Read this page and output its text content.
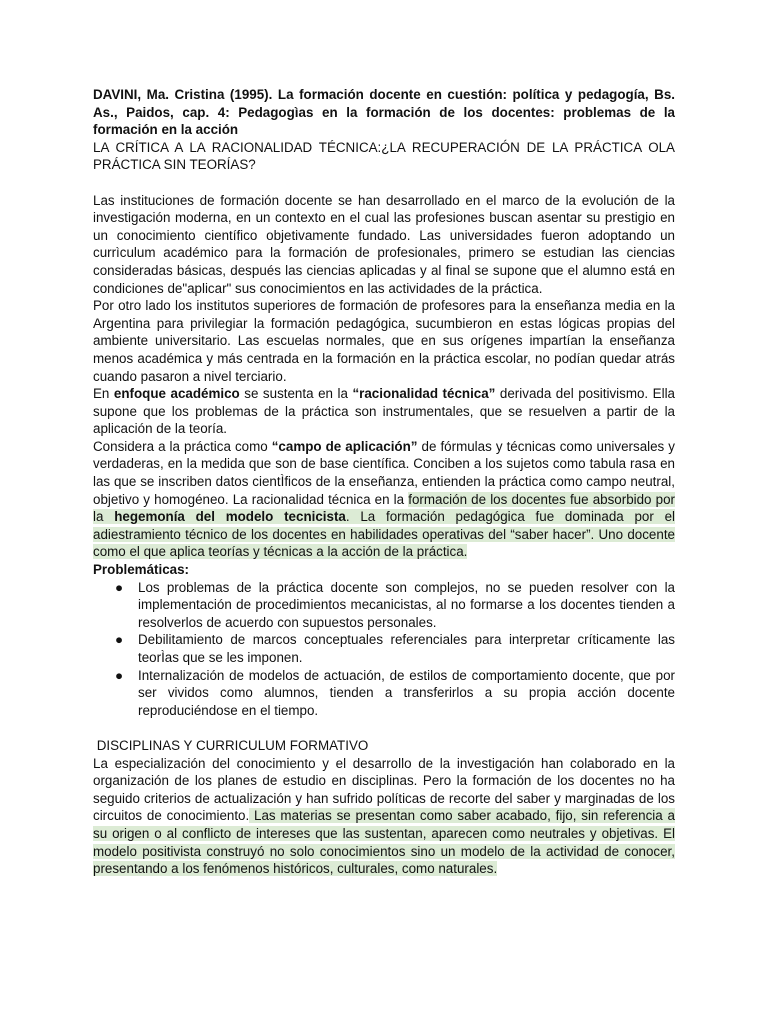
DAVINI, Ma. Cristina (1995). La formación docente en cuestión: política y pedagogía, Bs. As., Paidos, cap. 4: Pedagogìas en la formación de los docentes: problemas de la formación en la acción

LA CRÍTICA A LA RACIONALIDAD TÉCNICA:¿LA RECUPERACIÓN DE LA PRÁCTICA OLA PRÁCTICA SIN TEORÍAS?

Las instituciones de formación docente se han desarrollado en el marco de la evolución de la investigación moderna, en un contexto en el cual las profesiones buscan asentar su prestigio en un conocimiento científico objetivamente fundado. Las universidades fueron adoptando un currìculum académico para la formación de profesionales, primero se estudian las ciencias consideradas básicas, después las ciencias aplicadas y al final se supone que el alumno está en condiciones de"aplicar" sus conocimientos en las actividades de la práctica.

Por otro lado los institutos superiores de formación de profesores para la enseñanza media en la Argentina para privilegiar la formación pedagógica, sucumbieron en estas lógicas propias del ambiente universitario. Las escuelas normales, que en sus orígenes impartían la enseñanza menos académica y más centrada en la formación en la práctica escolar, no podían quedar atrás cuando pasaron a nivel terciario.

En enfoque académico se sustenta en la “racionalidad técnica” derivada del positivismo. Ella supone que los problemas de la práctica son instrumentales, que se resuelven a partir de la aplicación de la teoría.

Considera a la práctica como “campo de aplicación” de fórmulas y técnicas como universales y verdaderas, en la medida que son de base científica. Conciben a los sujetos como tabula rasa en las que se inscriben datos cientÌficos de la enseñanza, entienden la práctica como campo neutral, objetivo y homogéneo. La racionalidad técnica en la formación de los docentes fue absorbido por la hegemonía del modelo tecnicista. La formación pedagógica fue dominada por el adiestramiento técnico de los docentes en habilidades operativas del “saber hacer”. Uno docente como el que aplica teorías y técnicas a la acción de la práctica.

Problemáticas:

● Los problemas de la práctica docente son complejos, no se pueden resolver con la implementación de procedimientos mecanicistas, al no formarse a los docentes tienden a resolverlos de acuerdo con supuestos personales.
● Debilitamiento de marcos conceptuales referenciales para interpretar críticamente las teorÌas que se les imponen.
● Internalización de modelos de actuación, de estilos de comportamiento docente, que por ser vividos como alumnos, tienden a transferirlos a su propia acción docente reproduciéndose en el tiempo.

DISCIPLINAS Y CURRICULUM FORMATIVO

La especialización del conocimiento y el desarrollo de la investigación han colaborado en la organización de los planes de estudio en disciplinas. Pero la formación de los docentes no ha seguido criterios de actualización y han sufrido políticas de recorte del saber y marginadas de los circuitos de conocimiento. Las materias se presentan como saber acabado, fijo, sin referencia a su origen o al conflicto de intereses que las sustentan, aparecen como neutrales y objetivas. El modelo positivista construyó no solo conocimientos sino un modelo de la actividad de conocer, presentando a los fenómenos históricos, culturales, como naturales.
